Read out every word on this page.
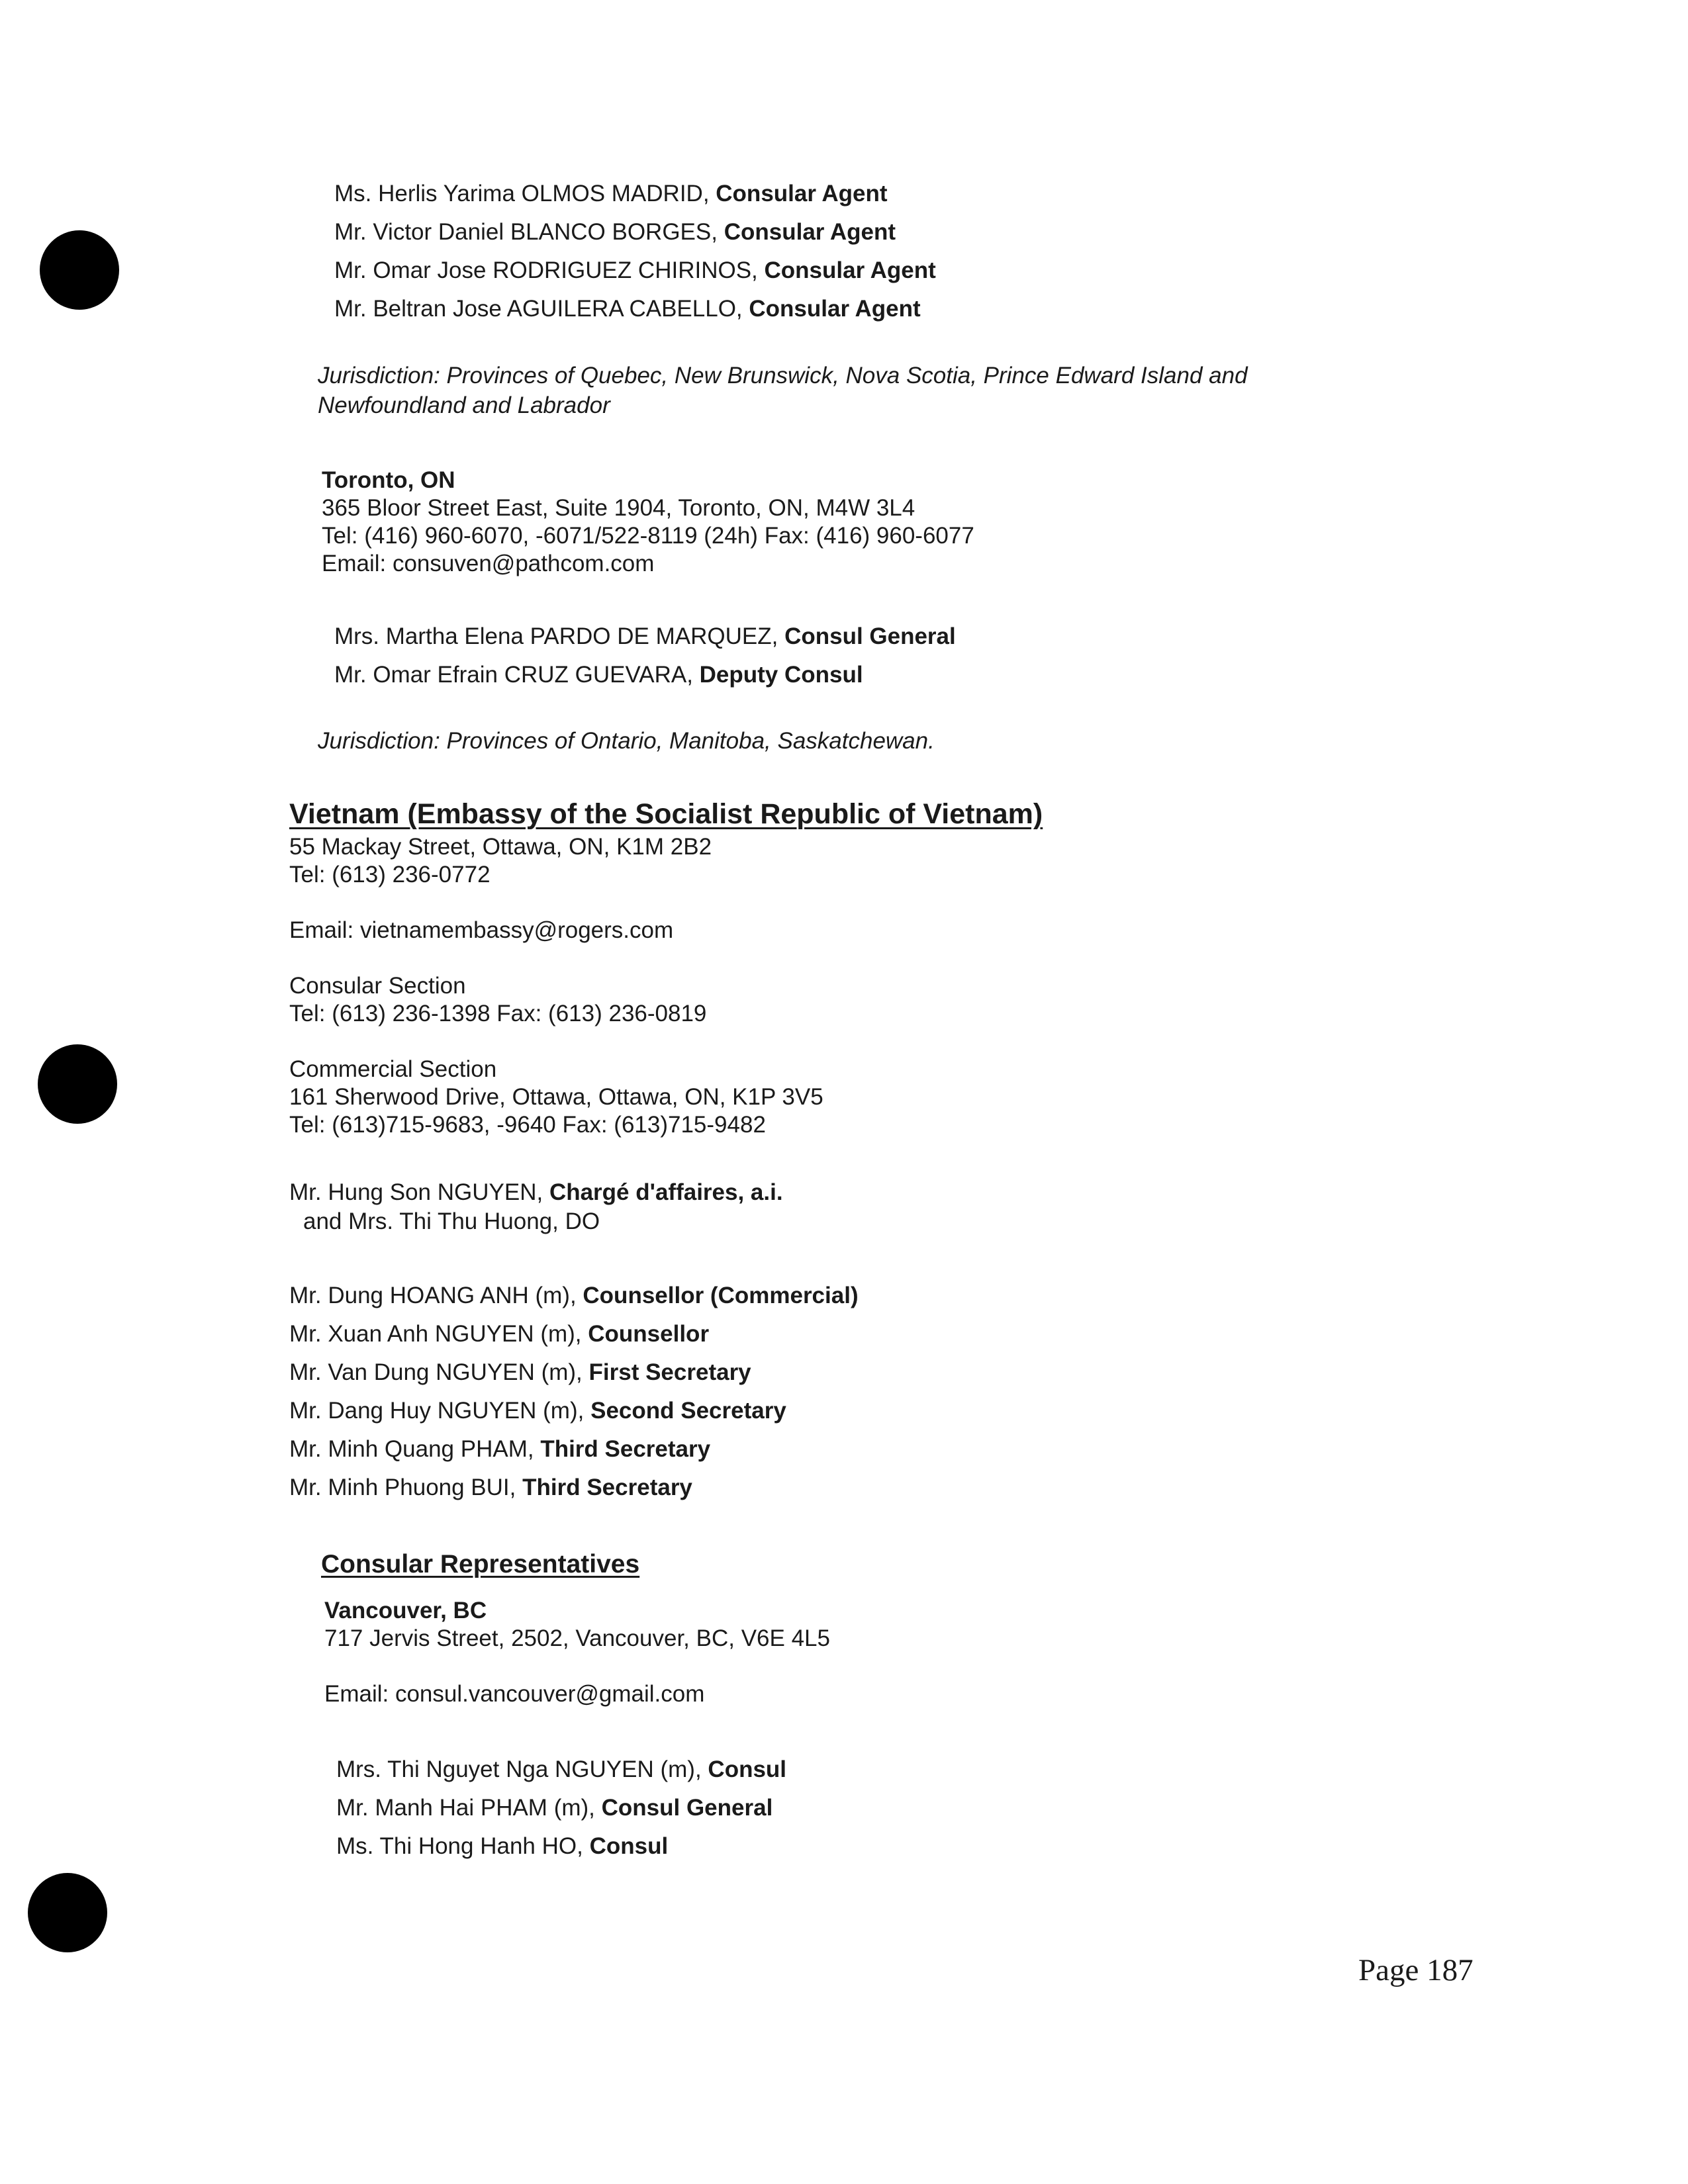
Ms. Herlis Yarima OLMOS MADRID, Consular Agent
Mr. Victor Daniel BLANCO BORGES, Consular Agent
Mr. Omar Jose RODRIGUEZ CHIRINOS, Consular Agent
Mr. Beltran Jose AGUILERA CABELLO, Consular Agent
Jurisdiction: Provinces of Quebec, New Brunswick, Nova Scotia, Prince Edward Island and
Newfoundland and Labrador
Toronto, ON
365 Bloor Street East, Suite 1904, Toronto, ON, M4W 3L4
Tel: (416) 960-6070, -6071/522-8119 (24h) Fax: (416) 960-6077
Email: consuven@pathcom.com
Mrs. Martha Elena PARDO DE MARQUEZ, Consul General
Mr. Omar Efrain CRUZ GUEVARA, Deputy Consul
Jurisdiction: Provinces of Ontario, Manitoba, Saskatchewan.
Vietnam (Embassy of the Socialist Republic of Vietnam)
55 Mackay Street, Ottawa, ON, K1M 2B2
Tel: (613) 236-0772
Email: vietnamembassy@rogers.com
Consular Section
Tel: (613) 236-1398 Fax: (613) 236-0819
Commercial Section
161 Sherwood Drive, Ottawa, Ottawa, ON, K1P 3V5
Tel: (613)715-9683, -9640 Fax: (613)715-9482
Mr. Hung Son NGUYEN, Chargé d'affaires, a.i.
and Mrs. Thi Thu Huong, DO
Mr. Dung HOANG ANH (m), Counsellor (Commercial)
Mr. Xuan Anh NGUYEN (m), Counsellor
Mr. Van Dung NGUYEN (m), First Secretary
Mr. Dang Huy NGUYEN (m), Second Secretary
Mr. Minh Quang PHAM, Third Secretary
Mr. Minh Phuong BUI, Third Secretary
Consular Representatives
Vancouver, BC
717 Jervis Street, 2502, Vancouver, BC, V6E 4L5
Email: consul.vancouver@gmail.com
Mrs. Thi Nguyet Nga NGUYEN (m), Consul
Mr. Manh Hai PHAM (m), Consul General
Ms. Thi Hong Hanh HO, Consul
Page 187
